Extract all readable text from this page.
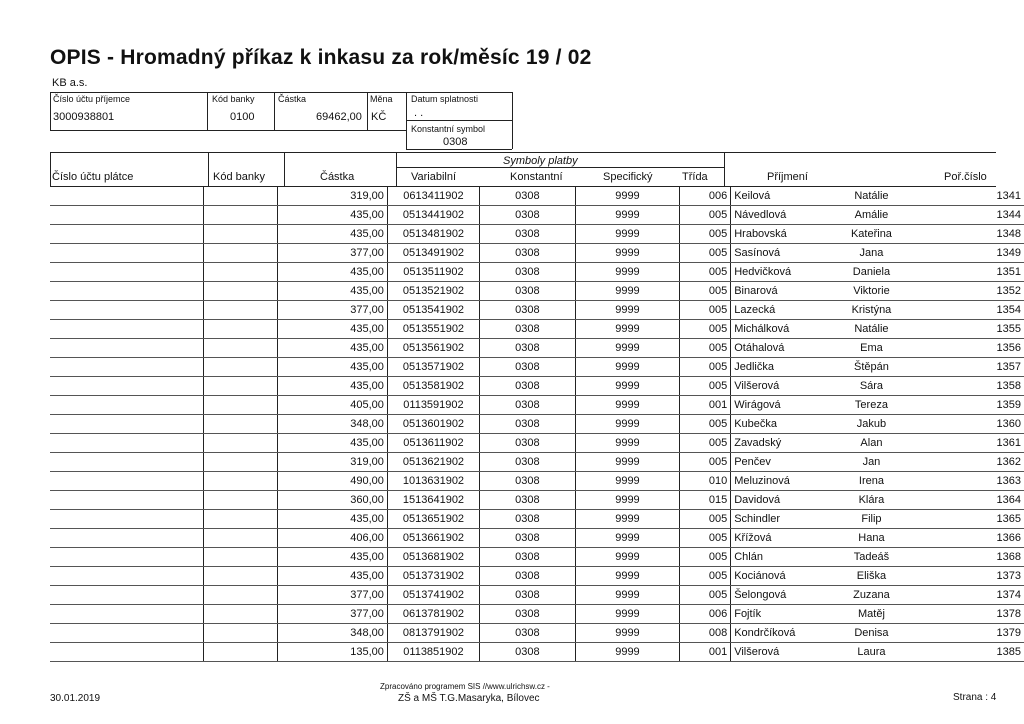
OPIS - Hromadný příkaz k inkasu za rok/měsíc 19 / 02
KB a.s.
Číslo účtu příjemce
3000938801
Kód banky
0100
Částka
69462,00
Měna
KČ
Datum splatnosti
. .
Konstantní symbol
0308
Symboly platby
Číslo účtu plátce	Kód banky	Částka	Variabilní	Konstantní	Specifický	Třída	Příjmení	Poř.číslo
		319,00	0613411902	0308	9999	006	Keilová	Natálie	1341
		435,00	0513441902	0308	9999	005	Návedlová	Amálie	1344
		435,00	0513481902	0308	9999	005	Hrabovská	Kateřina	1348
		377,00	0513491902	0308	9999	005	Sasínová	Jana	1349
		435,00	0513511902	0308	9999	005	Hedvičková	Daniela	1351
		435,00	0513521902	0308	9999	005	Binarová	Viktorie	1352
		377,00	0513541902	0308	9999	005	Lazecká	Kristýna	1354
		435,00	0513551902	0308	9999	005	Michálková	Natálie	1355
		435,00	0513561902	0308	9999	005	Otáhalová	Ema	1356
		435,00	0513571902	0308	9999	005	Jedlička	Štěpán	1357
		435,00	0513581902	0308	9999	005	Vilšerová	Sára	1358
		405,00	0113591902	0308	9999	001	Wirágová	Tereza	1359
		348,00	0513601902	0308	9999	005	Kubečka	Jakub	1360
		435,00	0513611902	0308	9999	005	Zavadský	Alan	1361
		319,00	0513621902	0308	9999	005	Penčev	Jan	1362
		490,00	1013631902	0308	9999	010	Meluzinová	Irena	1363
		360,00	1513641902	0308	9999	015	Davidová	Klára	1364
		435,00	0513651902	0308	9999	005	Schindler	Filip	1365
		406,00	0513661902	0308	9999	005	Křížová	Hana	1366
		435,00	0513681902	0308	9999	005	Chlán	Tadeáš	1368
		435,00	0513731902	0308	9999	005	Kociánová	Eliška	1373
		377,00	0513741902	0308	9999	005	Šelongová	Zuzana	1374
		377,00	0613781902	0308	9999	006	Fojtík	Matěj	1378
		348,00	0813791902	0308	9999	008	Kondrčíková	Denisa	1379
		135,00	0113851902	0308	9999	001	Vilšerová	Laura	1385
30.01.2019
Zpracováno programem SIS //www.ulrichsw.cz -
ZŠ a MŠ T.G.Masaryka, Bílovec	Strana : 4
